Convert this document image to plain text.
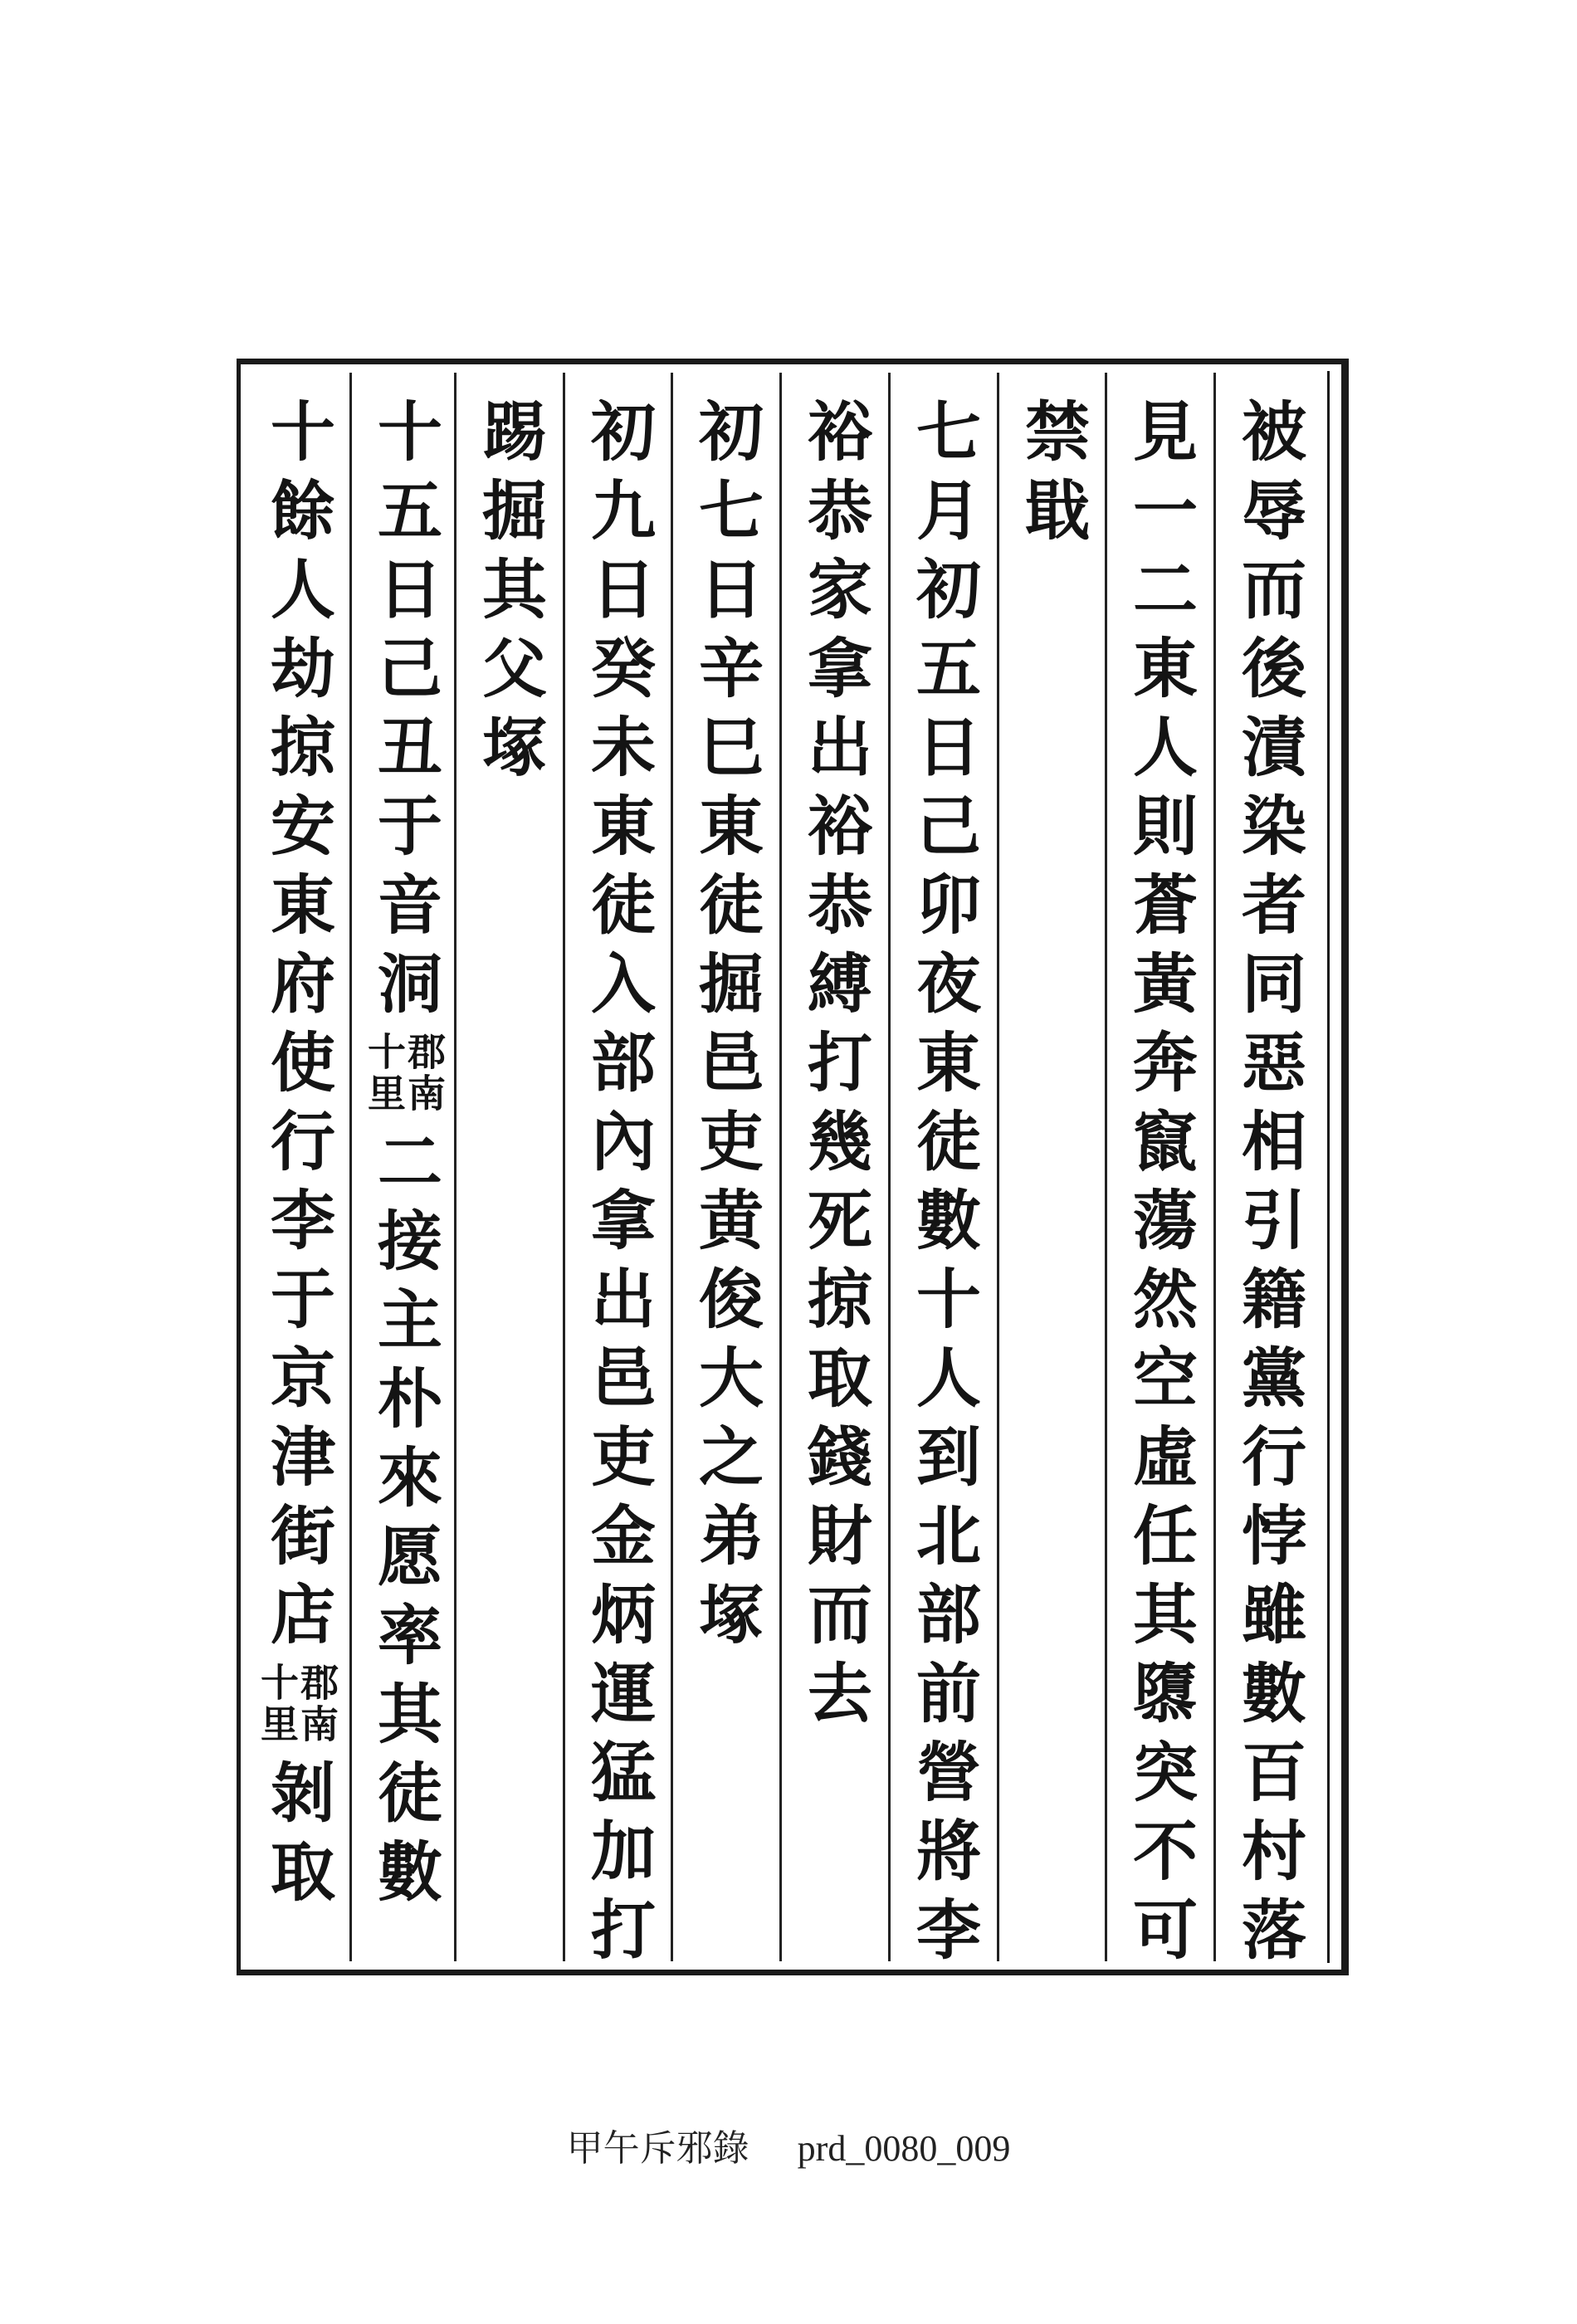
被辱而後漬染者同惡相引籍黨行悖雖數百村落
見一二東人則蒼黃奔竄蕩然空虛任其隳突不可
禁戢
七月初五日己卯夜東徒數十人到北部前營將李
裕恭家拿出裕恭縛打幾死掠取錢財而去
初七日辛巳東徒掘邑吏黄俊大之弟塚
初九日癸未東徒入部內拿出邑吏金炳運猛加打
踢掘其父塚
十五日己丑于音洞
郡南
十里
二接主朴來愿率其徒數
十餘人劫掠安東府使行李于京津街店
郡南
十里
剝取
甲午斥邪錄 prd_0080_009
